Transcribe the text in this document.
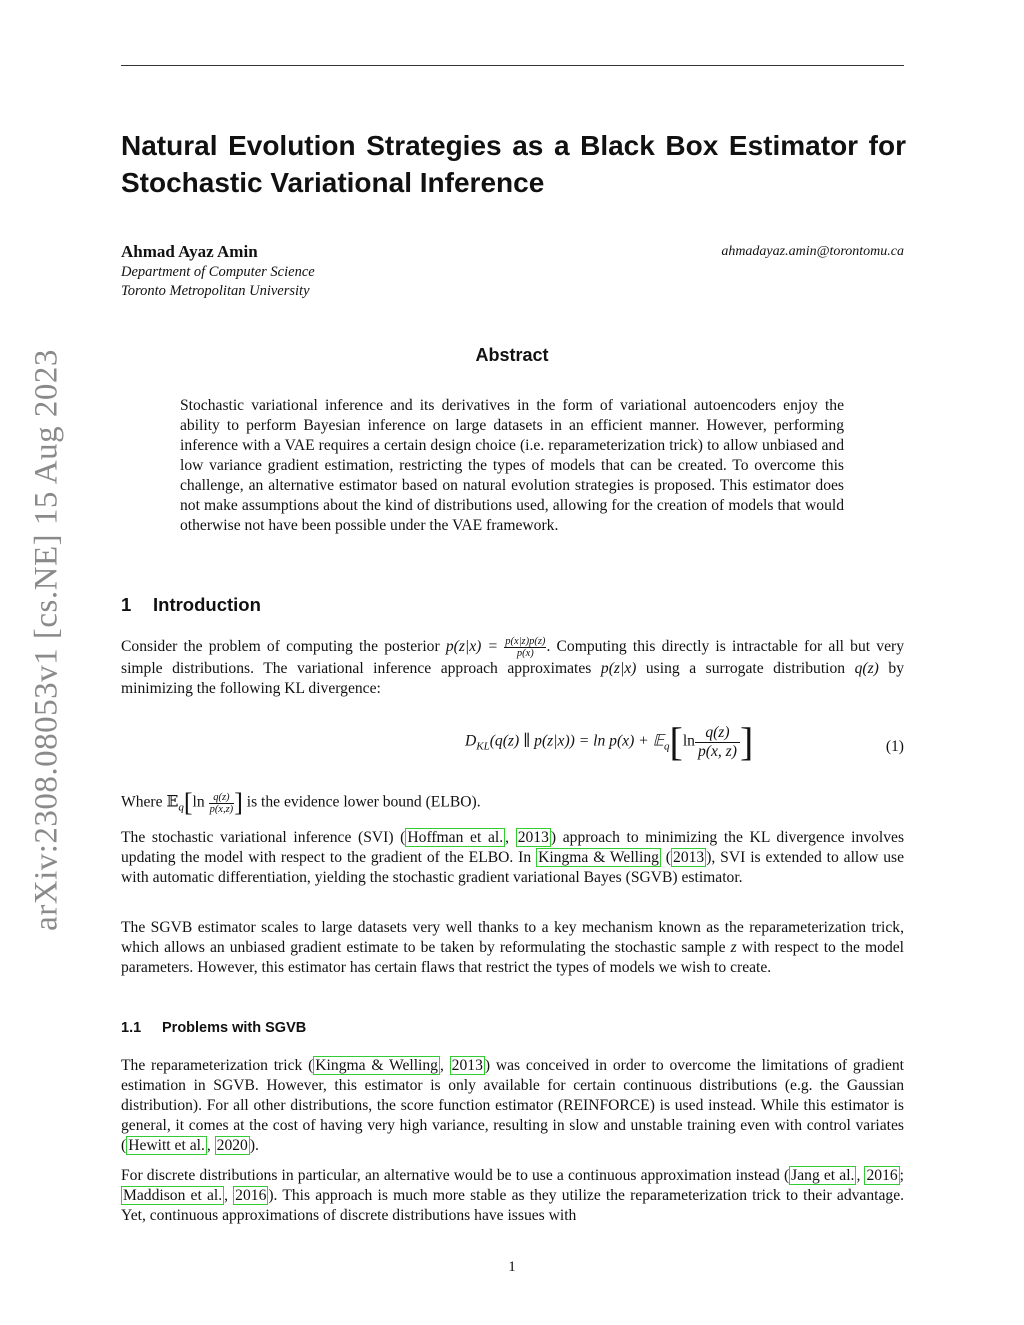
arXiv:2308.08053v1 [cs.NE] 15 Aug 2023
Natural Evolution Strategies as a Black Box Estimator for Stochastic Variational Inference
Ahmad Ayaz Amin
Department of Computer Science
Toronto Metropolitan University
ahmadayaz.amin@torontomu.ca
Abstract
Stochastic variational inference and its derivatives in the form of variational autoencoders enjoy the ability to perform Bayesian inference on large datasets in an efficient manner. However, performing inference with a VAE requires a certain design choice (i.e. reparameterization trick) to allow unbiased and low variance gradient estimation, restricting the types of models that can be created. To overcome this challenge, an alternative estimator based on natural evolution strategies is proposed. This estimator does not make assumptions about the kind of distributions used, allowing for the creation of models that would otherwise not have been possible under the VAE framework.
1 Introduction
Consider the problem of computing the posterior $p(z|x) = \frac{p(x|z)p(z)}{p(x)}$ . Computing this directly is intractable for all but very simple distributions. The variational inference approach approximates p(z|x) using a surrogate distribution q(z) by minimizing the following KL divergence:
$D_{KL}(q(z)$ ∥ p(z|x)) = ln p(x) + 𝔼$_q$[ln $\frac{q(z)}{p(x, z)}$ ]	(1)
Where 𝔼$_q$[ln $\frac{q(z)}{p(x,z)}$ ] is the evidence lower bound (ELBO).
The stochastic variational inference (SVI) ( Hoffman et al. , 2013 ) approach to minimizing the KL divergence involves updating the model with respect to the gradient of the ELBO. In Kingma & Welling ( 2013 ), SVI is extended to allow use with automatic differentiation, yielding the stochastic gradient variational Bayes (SGVB) estimator.
The SGVB estimator scales to large datasets very well thanks to a key mechanism known as the reparameterization trick, which allows an unbiased gradient estimate to be taken by reformulating the stochastic sample z with respect to the model parameters. However, this estimator has certain flaws that restrict the types of models we wish to create.
1.1 Problems with SGVB
The reparameterization trick ( Kingma & Welling , 2013 ) was conceived in order to overcome the limitations of gradient estimation in SGVB. However, this estimator is only available for certain continuous distributions (e.g. the Gaussian distribution). For all other distributions, the score function estimator (REINFORCE) is used instead. While this estimator is general, it comes at the cost of having very high variance, resulting in slow and unstable training even with control variates ( Hewitt et al. , 2020 ).
For discrete distributions in particular, an alternative would be to use a continuous approximation instead ( Jang et al. , 2016 ; Maddison et al. , 2016 ). This approach is much more stable as they utilize the reparameterization trick to their advantage. Yet, continuous approximations of discrete distributions have issues with
1
